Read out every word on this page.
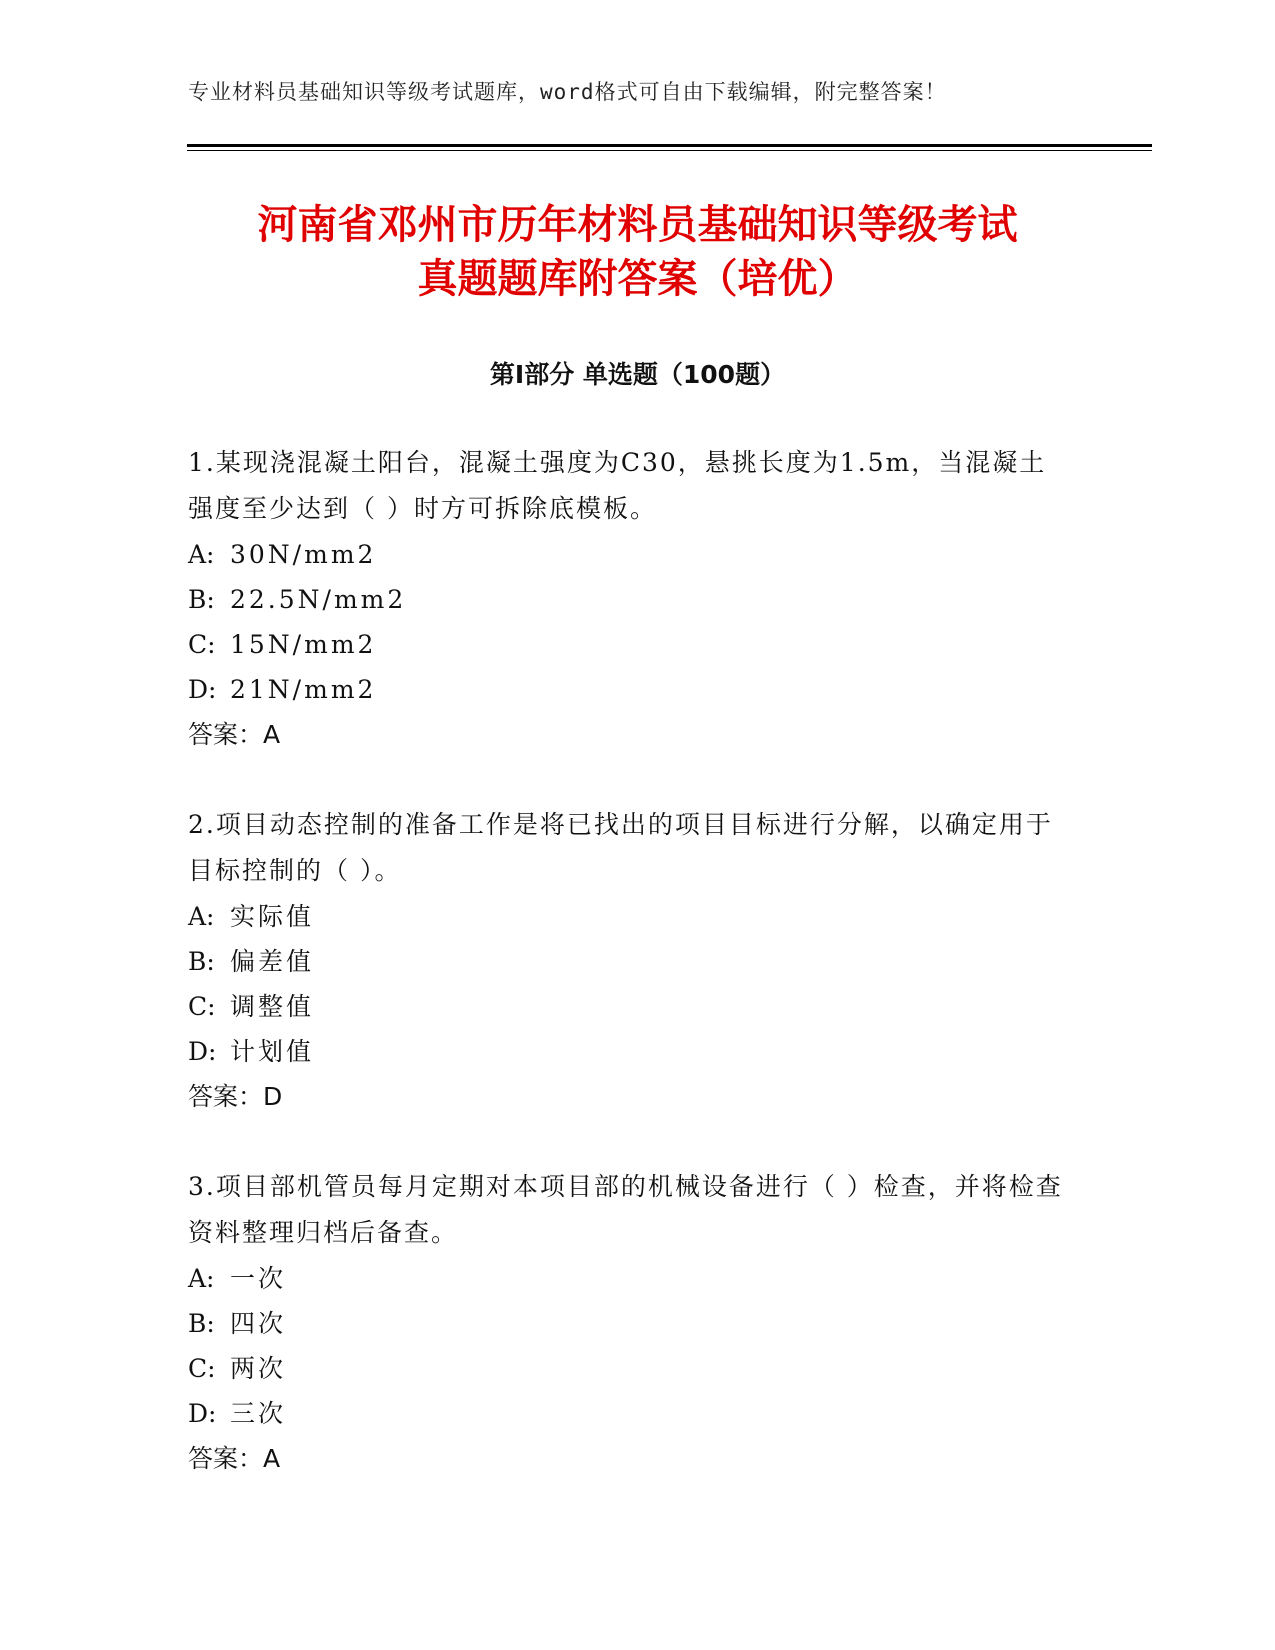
专业材料员基础知识等级考试题库，word格式可自由下载编辑，附完整答案！
河南省邓州市历年材料员基础知识等级考试
真题题库附答案（培优）
第Ⅰ部分 单选题（100题）

1.某现浇混凝土阳台，混凝土强度为C30，悬挑长度为1.5m，当混凝土强度至少达到（ ）时方可拆除底模板。

A: 30N/mm2

B: 22.5N/mm2

C: 15N/mm2

D: 21N/mm2

答案：A

2.项目动态控制的准备工作是将已找出的项目目标进行分解，以确定用于目标控制的（ ）。

A: 实际值

B: 偏差值

C: 调整值

D: 计划值

答案：D

3.项目部机管员每月定期对本项目部的机械设备进行（ ）检查，并将检查资料整理归档后备查。

A: 一次

B: 四次

C: 两次

D: 三次

答案：A
